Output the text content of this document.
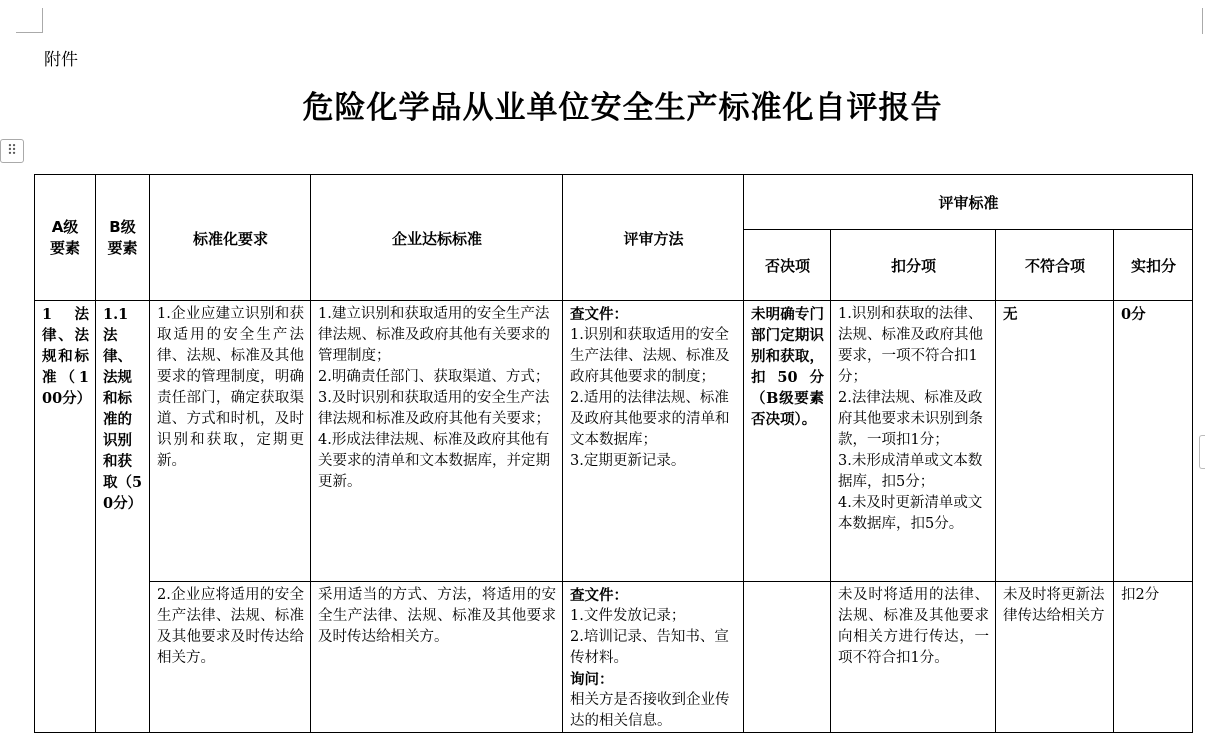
⠿
附件
危险化学品从业单位安全生产标准化自评报告
A级要素	B级要素	标准化要求	企业达标标准	评审方法	评审标准			
					否决项	扣分项	不符合项	实扣分
1 法律、法规和标准（100分）	1.1 法律、法规和标准的识别和获取（50分）	1.企业应建立识别和获取适用的安全生产法律、法规、标准及其他要求的管理制度，明确责任部门，确定获取渠道、方式和时机，及时识别和获取，定期更新。	1.建立识别和获取适用的安全生产法律法规、标准及政府其他有关要求的管理制度；
2.明确责任部门、获取渠道、方式；
3.及时识别和获取适用的安全生产法律法规和标准及政府其他有关要求；
4.形成法律法规、标准及政府其他有关要求的清单和文本数据库，并定期更新。	查文件：
1.识别和获取适用的安全生产法律、法规、标准及政府其他要求的制度；
2.适用的法律法规、标准及政府其他要求的清单和文本数据库；
3.定期更新记录。	未明确专门部门定期识别和获取，扣50分（B级要素否决项）。	1.识别和获取的法律、法规、标准及政府其他要求，一项不符合扣1分；
2.法律法规、标准及政府其他要求未识别到条款，一项扣1分；
3.未形成清单或文本数据库，扣5分；
4.未及时更新清单或文本数据库，扣5分。	无	0分
		2.企业应将适用的安全生产法律、法规、标准及其他要求及时传达给相关方。	采用适当的方式、方法，将适用的安全生产法律、法规、标准及其他要求及时传达给相关方。	查文件：
1.文件发放记录；
2.培训记录、告知书、宣传材料。
询问：
相关方是否接收到企业传达的相关信息。		未及时将适用的法律、法规、标准及其他要求向相关方进行传达，一项不符合扣1分。	未及时将更新法律传达给相关方	扣2分
